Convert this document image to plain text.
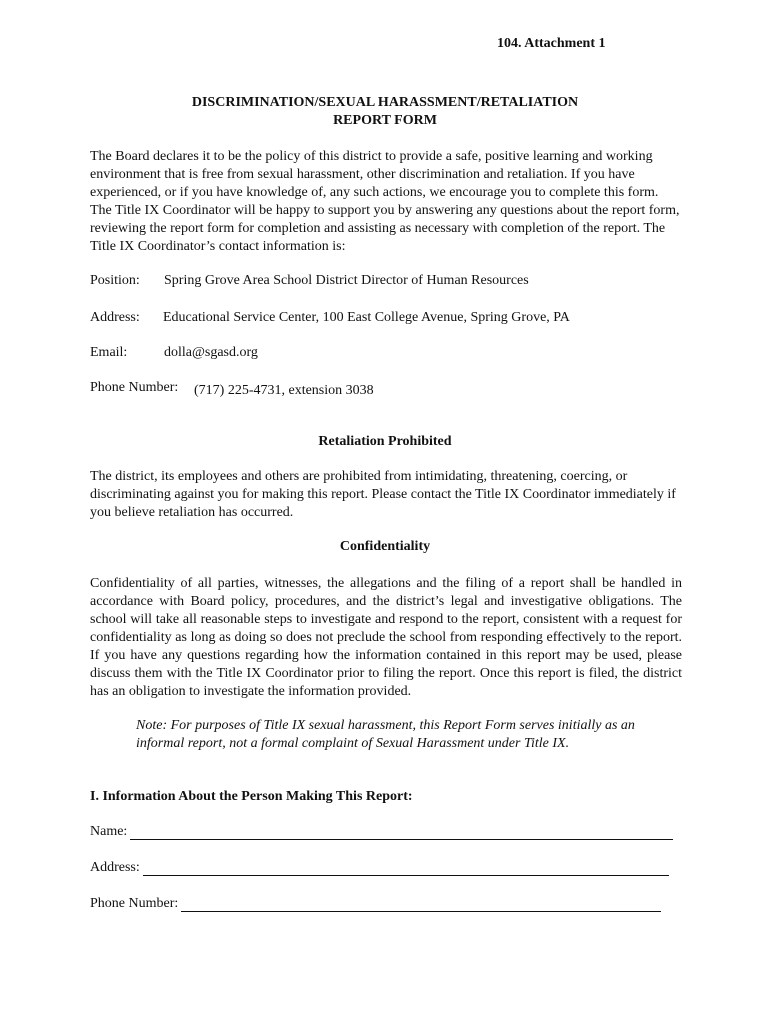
104. Attachment 1
DISCRIMINATION/SEXUAL HARASSMENT/RETALIATION
REPORT FORM
The Board declares it to be the policy of this district to provide a safe, positive learning and working environment that is free from sexual harassment, other discrimination and retaliation. If you have experienced, or if you have knowledge of, any such actions, we encourage you to complete this form. The Title IX Coordinator will be happy to support you by answering any questions about the report form, reviewing the report form for completion and assisting as necessary with completion of the report. The Title IX Coordinator’s contact information is:
Position: Spring Grove Area School District Director of Human Resources
Address: Educational Service Center, 100 East College Avenue, Spring Grove, PA
Email:	dolla@sgasd.org
Phone Number: (717) 225-4731, extension 3038
Retaliation Prohibited
The district, its employees and others are prohibited from intimidating, threatening, coercing, or discriminating against you for making this report. Please contact the Title IX Coordinator immediately if you believe retaliation has occurred.
Confidentiality
Confidentiality of all parties, witnesses, the allegations and the filing of a report shall be handled in accordance with Board policy, procedures, and the district’s legal and investigative obligations. The school will take all reasonable steps to investigate and respond to the report, consistent with a request for confidentiality as long as doing so does not preclude the school from responding effectively to the report. If you have any questions regarding how the information contained in this report may be used, please discuss them with the Title IX Coordinator prior to filing the report. Once this report is filed, the district has an obligation to investigate the information provided.
Note: For purposes of Title IX sexual harassment, this Report Form serves initially as an informal report, not a formal complaint of Sexual Harassment under Title IX.
I. Information About the Person Making This Report:
Name:
Address:
Phone Number:
